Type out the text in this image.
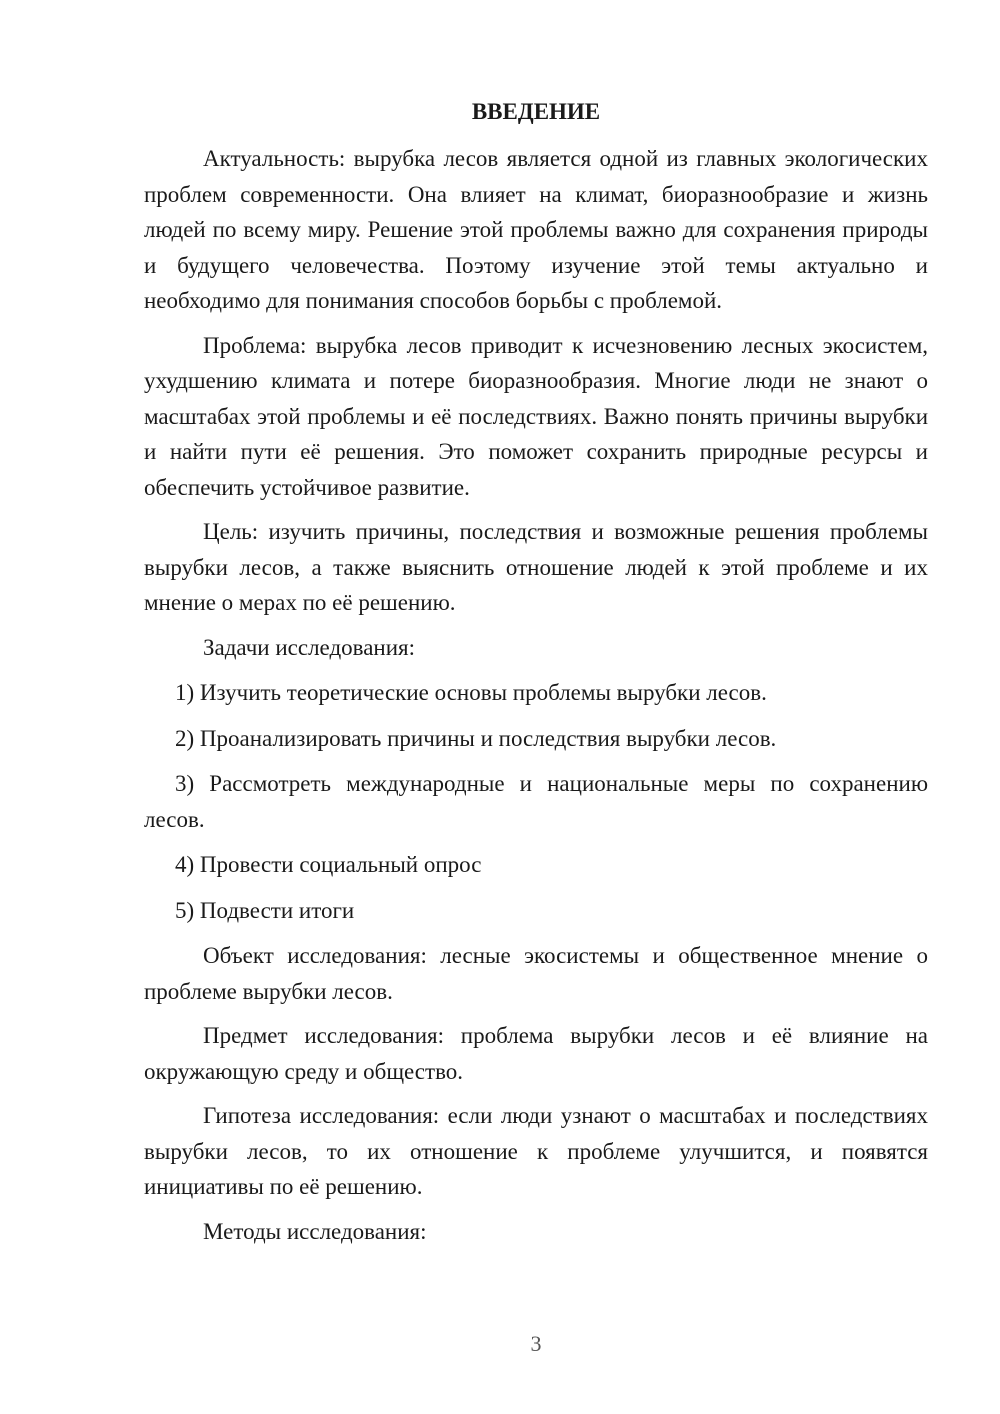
ВВЕДЕНИЕ

Актуальность: вырубка лесов является одной из главных экологических проблем современности. Она влияет на климат, биоразнообразие и жизнь людей по всему миру. Решение этой проблемы важно для сохранения природы и будущего человечества. Поэтому изучение этой темы актуально и необходимо для понимания способов борьбы с проблемой.

Проблема: вырубка лесов приводит к исчезновению лесных экосистем, ухудшению климата и потере биоразнообразия. Многие люди не знают о масштабах этой проблемы и её последствиях. Важно понять причины вырубки и найти пути её решения. Это поможет сохранить природные ресурсы и обеспечить устойчивое развитие.

Цель: изучить причины, последствия и возможные решения проблемы вырубки лесов, а также выяснить отношение людей к этой проблеме и их мнение о мерах по её решению.

Задачи исследования:

1) Изучить теоретические основы проблемы вырубки лесов.

2) Проанализировать причины и последствия вырубки лесов.

3) Рассмотреть международные и национальные меры по сохранению лесов.

4) Провести социальный опрос

5) Подвести итоги

Объект исследования: лесные экосистемы и общественное мнение о проблеме вырубки лесов.

Предмет исследования: проблема вырубки лесов и её влияние на окружающую среду и общество.

Гипотеза исследования: если люди узнают о масштабах и последствиях вырубки лесов, то их отношение к проблеме улучшится, и появятся инициативы по её решению.

Методы исследования:

3
